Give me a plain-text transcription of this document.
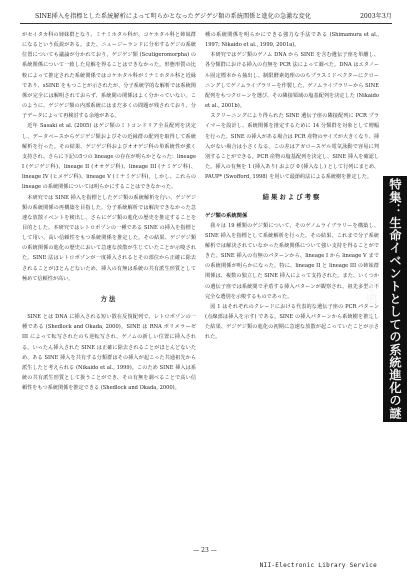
SINE挿入を指標とした系統解析によって明らかとなったゲジゲジ類の系統関係と進化の急激な変化	2003年3月

がセイタカ科の姉妹群となり、ミナミホタル科が、コケホタル科と姉妹群になるという仮説がある。また、ニュージーランドに分布するゲジの系統位置についても議論が分かれており、ゲジゲジ類 (Scutigeromorpha) の系統関係について一致した見解を得ることはできなかった。形態形質の比較によって推定された系統関係ではコケホタル科がミナミホタル科と近縁であり、sSINE をもつことが示されたが、分子系統学的な解析では系統関係が完全には解明されておらず、系統間の関係はよく分かっていない。このように、ゲジゲジ類の内部系統にはまだ多くの問題が残されており、分子データによって再検討する余地がある。

近年 Sasaki et al. (2005) はゲジ類のミトコンドリア全長配列を決定し、データベースからゲジゲジ類およびその近縁群の配列を取得して系統解析を行った。その結果、ゲジゲジ科およびオオゲジ科の単系統性が強く支持され、さらに下記の5つの lineage の存在が明らかとなった：lineage I (ゲジゲジ科)、lineage II (オオゲジ科)、lineage III (ナミゲジ科)、lineage IV (ヒメゲジ科)、lineage V (ミナミゲジ科)。しかし、これらの lineage の系統関係については明らかにすることはできなかった。

本研究では SINE 挿入を指標としたゲジ類の系統解析を行い、ゲジゲジ類の系統関係の再構築を目指した。分子系統解析では解決できなかった急速な放散イベントを検出し、さらにゲジ類の進化の歴史を推定することを目的とした。本研究ではレトロポゾンの一種である SINE の挿入を指標として用い、高い信頼性をもつ系統関係を推定した。その結果、ゲジゲジ類の系統関係の進化の歴史において急速な放散が生じていたことが示唆された。SINE 法はレトロポゾンが一度挿入されるとその部位から正確に除去されることがほとんどないため、挿入の有無は系統の共有派生形質として極めて信頼性が高い。

方法

SINE とは DNA に挿入される短い散在反復配列で、レトロポゾンの一種である (Shedlock and Okada, 2000)。SINE は RNA ポリメラーゼ III によって転写されたのち逆転写され、ゲノムの新しい位置に挿入される。いったん挿入された SINE は正確に除去されることがほとんどないため、ある SINE 挿入を共有する分類群はその挿入が起こった共通祖先から派生したと考えられる (Nikaido et al., 1999)。このため SINE 挿入は系統の共有派生形質として扱うことができ、その有無を調べることで高い信頼性をもつ系統関係を推定できる (Shedlock and Okada, 2000)。

種の系統関係を明らかにできる強力な手法である (Shimamura et al., 1997; Nikaido et al., 1999, 2001a)。

本研究ではゲジ類のゲノム DNA から SINE を含む遺伝子座を単離し、各分類群における挿入の有無を PCR 法によって調べた。DNA はエタノール固定標本から抽出し、制限酵素処理ののちプラスミドベクターにクローニングしてゲノムライブラリーを作製した。ゲノムライブラリーから SINE 配列をもつクローンを選び、その隣接領域の塩基配列を決定した (Nikaido et al., 2001b)。

スクリーニングにより得られた SINE 遺伝子座の隣接配列に PCR プライマーを設計し、系統関係を推定するために 14 分類群を対象として増幅を行った。SINE の挿入がある場合は PCR 産物のサイズが大きくなり、挿入がない場合は小さくなる。この差はアガロースゲル電気泳動で容易に判別することができる。PCR 産物の塩基配列を決定し、SINE 挿入を確認した。挿入の有無を 1 (挿入あり) および 0 (挿入なし) として行列にまとめ、PAUP* (Swofford, 1998) を用いて最節約法による系統樹を推定した。

結果および考察
ゲジ類の系統関係

我々は 19 種類のゲジ類について、そのゲノムライブラリーを構築し、SINE 挿入を指標として系統解析を行った。その結果、これまで分子系統解析では解決されていなかった系統関係について強い支持を得ることができた。SINE 挿入の有無のパターンから、lineage I から lineage V までの系統関係が明らかになった。特に、lineage II と lineage III の姉妹群関係は、複数の独立した SINE 挿入によって支持された。また、いくつかの遺伝子座では系統間で矛盾する挿入パターンが観察され、祖先多型の不完全な選別を示唆するものであった。

図 1 はそれぞれのクレードにおける代表的な遺伝子座の PCR パターン (点線部は挿入を示す) である。SINE の挿入パターンから系統樹を推定した結果、ゲジゲジ類の進化の初期に急速な放散が起こっていたことが示された。	特集：生命イベントとしての系統進化の謎を追う
— 23 —
NII-Electronic Library Service
